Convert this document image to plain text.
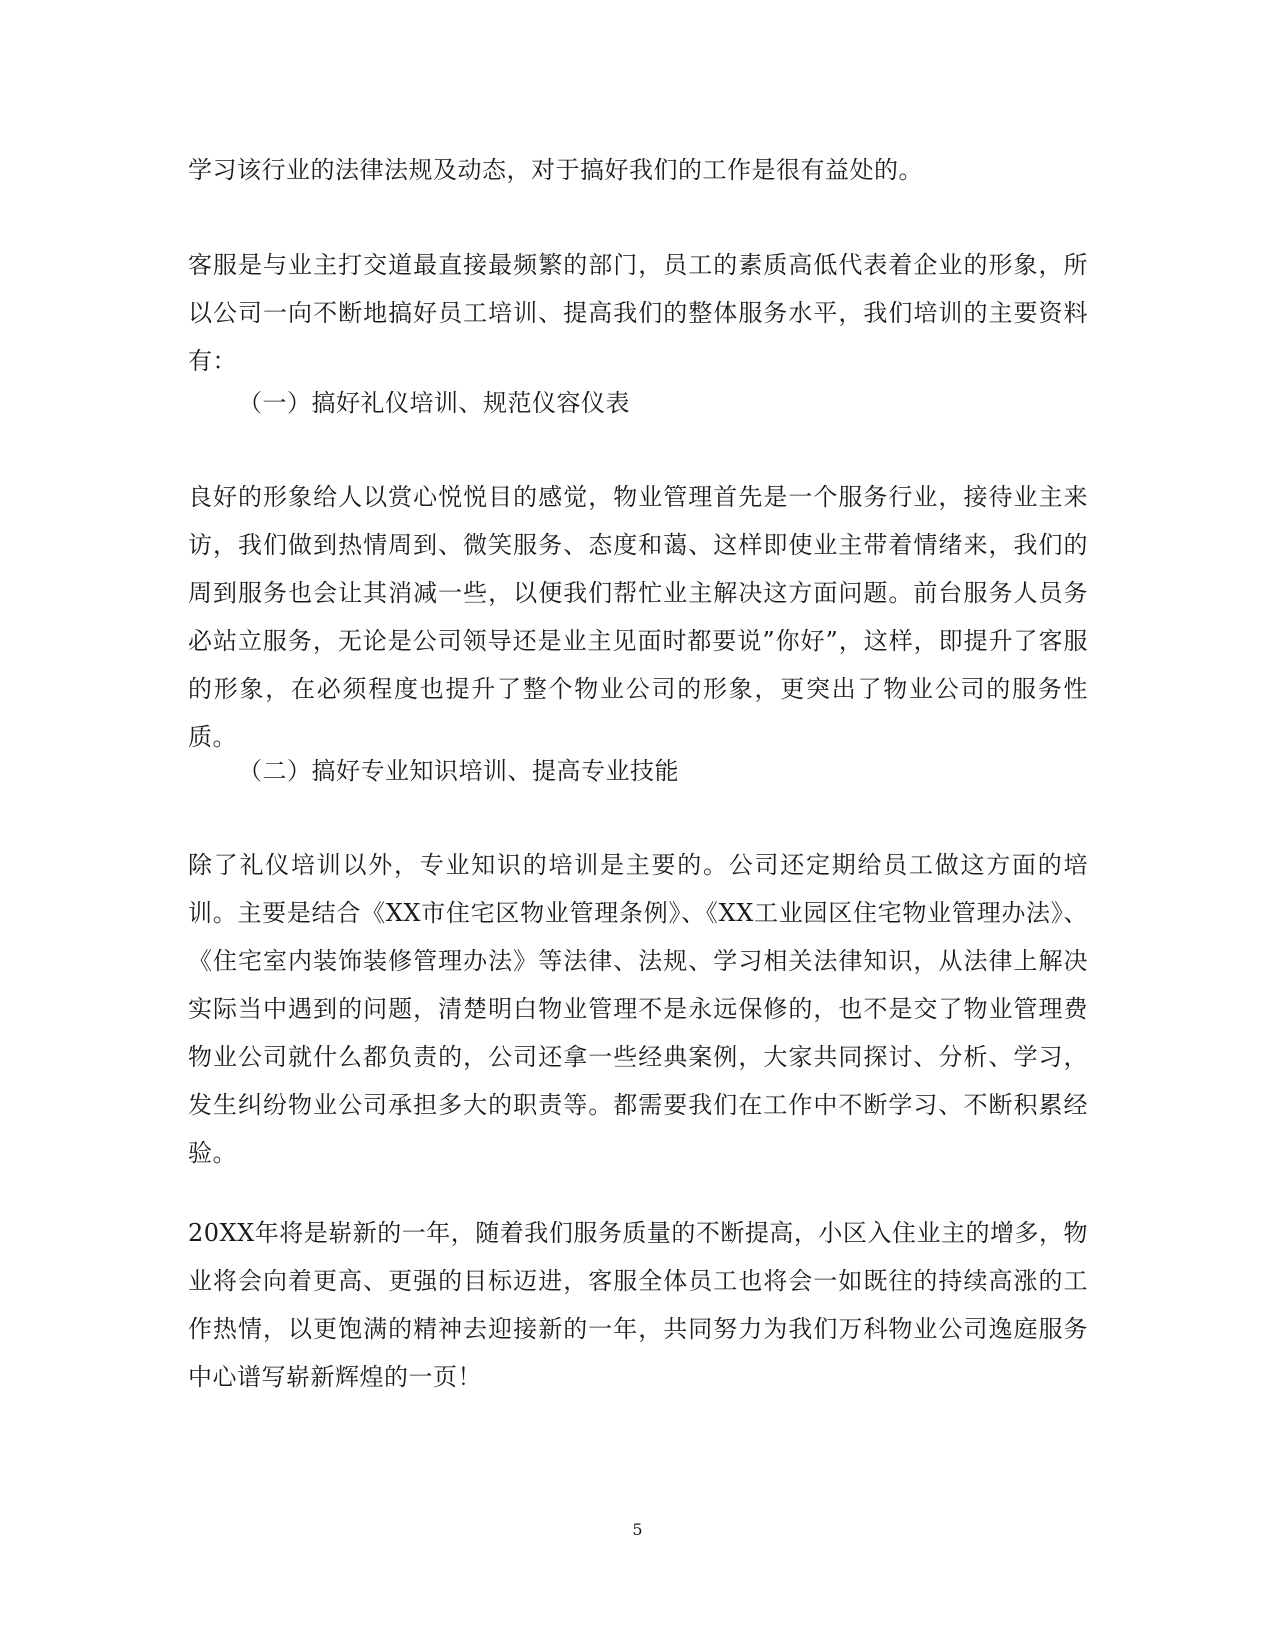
学习该行业的法律法规及动态，对于搞好我们的工作是很有益处的。
客服是与业主打交道最直接最频繁的部门，员工的素质高低代表着企业的形象，所以公司一向不断地搞好员工培训、提高我们的整体服务水平，我们培训的主要资料有：
（一）搞好礼仪培训、规范仪容仪表
良好的形象给人以赏心悦悦目的感觉，物业管理首先是一个服务行业，接待业主来访，我们做到热情周到、微笑服务、态度和蔼、这样即使业主带着情绪来，我们的周到服务也会让其消减一些，以便我们帮忙业主解决这方面问题。前台服务人员务必站立服务，无论是公司领导还是业主见面时都要说”你好”，这样，即提升了客服的形象，在必须程度也提升了整个物业公司的形象，更突出了物业公司的服务性质。
（二）搞好专业知识培训、提高专业技能
除了礼仪培训以外，专业知识的培训是主要的。公司还定期给员工做这方面的培训。主要是结合《XX市住宅区物业管理条例》、《XX工业园区住宅物业管理办法》、《住宅室内装饰装修管理办法》等法律、法规、学习相关法律知识，从法律上解决实际当中遇到的问题，清楚明白物业管理不是永远保修的，也不是交了物业管理费物业公司就什么都负责的，公司还拿一些经典案例，大家共同探讨、分析、学习，发生纠纷物业公司承担多大的职责等。都需要我们在工作中不断学习、不断积累经验。
20XX年将是崭新的一年，随着我们服务质量的不断提高，小区入住业主的增多，物业将会向着更高、更强的目标迈进，客服全体员工也将会一如既往的持续高涨的工作热情，以更饱满的精神去迎接新的一年，共同努力为我们万科物业公司逸庭服务中心谱写崭新辉煌的一页！
5
